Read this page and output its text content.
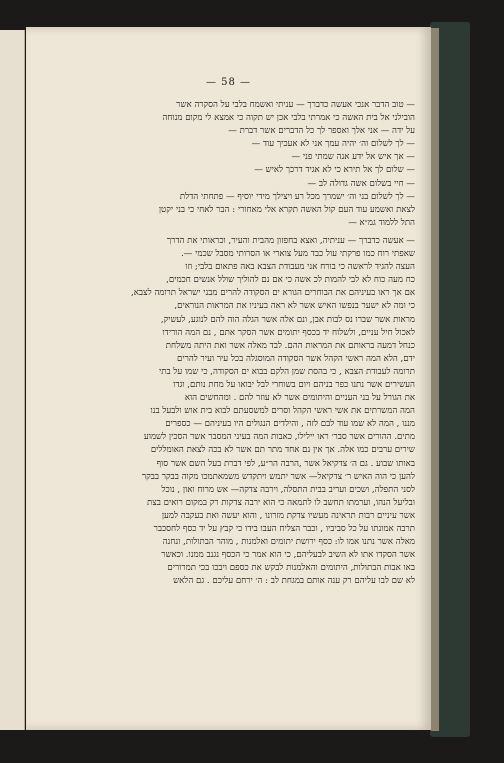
— 58 —
— טוב הדבר אנכי אעשה כדברך — עניתי ואשמח בלבי על הסקרה אשר
הובילני אל בית האשה כי אמרתי בלבי אכן יש תקוה כי אמצא לי מקום מנוחה
על ידה — אני אלך ואספר לך כל הדברים אשר דברת —
— לך לשלום וה׳ יהיה עמך אני לא אעכיך עוד —
— אך איש אל ידע אנה שמתי פני —
— שלום לך אל תירא כי לא אגיד דרכך לאיש —
— חיי בשלום אשה גדולה לב —
— לך לשלום בני וה׳ ישמרך מכל רע ויצילך מידי יוסיף — פתחתי הדלת
לצאת ואשמע עוד העם קול האשה תקרא אלי מאחורי : הבר לאחי כי בני יקטן
התל ללמוד גמ״א —
— אעשה כדברך — עניתיה, ואצא בחפזון מהבית והעיר, וכראותי את הדרך
שאפתי רוח כמו פרקתי עול כבד מעל צוארי או הסרותי מסבל שכמי —.
העצה להגיד לראשה כי בורח אני מעבודת הצבא באה פתאום בלבי; וזו
כח מעה כוח לא לבי להמות לכ אשה כי אם נם להוליך שולל אנשים חכמים,
אם אך ראו בעיניהם את הבוחרים הגורא ים הסקודה להרים מבני ישראל תרומה לצבא,
כי ומה לא ישער בנפשו האיש אשר לא ראה בעיניו את המראות הנוראים,
מראות אשר שברו נס לבות אבן, ונם אלה אשר הגלה הוה להם לנוגע, לעשיק,
לאכול חיל עניים, ולשלוח יד בכסף יתומים אשר הסקר אתם , נם המה הורידו
כנחל דמעה בראותם את המראות ההם. לבד מאלה אשר ואת היתה משלחת
ידם, הלא המה ראשי הקהל אשר הסקודה המוסגלה בכל עיר ועיר להרים
תרומה לעבודת הצבא , כי בהסת שמן הלקם בבוא ים הסקודה, כי שמו על בתי
העשירים אשר נתנו כפר בניהם ויום בשוחרי לבל יבואו על מחת נותם, וגדו
את הגורל על בני העניים והיתומים אשר לא עוזר להם . ומהחשים הוא
המה המשרתים את אשי ראשי הקהל וסרים למשסעתם לבוא בית אוש ולבעל בנו
מננו , המה לא שמו עוד לבם לזה , והילדים הנגולים היו בעיניהם — כספרים
מתים. ההורים אשר סבר׳ ראו יילילו, כאבות המה בעיני המסבר אשר הסכין לשמוע
שירים ערבים כמו אלה. אך אין נם אחד מתר תם אשר לא בכה לצאת האומללים
באותו שבוע . גם ה׳ צדקיאל אשר ,הרבה הר״ע, לפי דברת בעל השם אשר סוף
להען כי הוה האיש ר׳ צדקיאל— אשר יתמש ויתקדש משמאתמכו מקוה בבקר בבקר
לסני התפלה, ושכים ועריב בבית התסלה, וירבה צדקה— אש מרוח ואון , נוכל
ובליעל הנהו, וערמתו תחשב לו לתמאה כי הוא ירבה צדקות רק במקום רואים בצת
אשר עיניים רבות תראינה מעשיו צדקת מזרונו , והוא יעשה ואת בעקבה למען
תרבה אמונתו על כל סביביו , וכבר הצליח העבו בידו כי קבץ על יד כסף לחסכבר
מאלה אשר נתנו אמו לו: כסף ירושת יתומים ואלמנות , מוהר הבתולות, ונחנה
אשר הסקדו אתו לא השיב לבעליהם, כי הוא אמר כי הכסף נגנב ממנו. וכאשר
באו אבות הבתולות, היתומים והאלמנות לבקש את כספם ויבכו בכי תמרורים
לא שם לבו עליהם רק ענה אותם במגחת לב : ה׳ ירחם עליכם . גם הלאש
